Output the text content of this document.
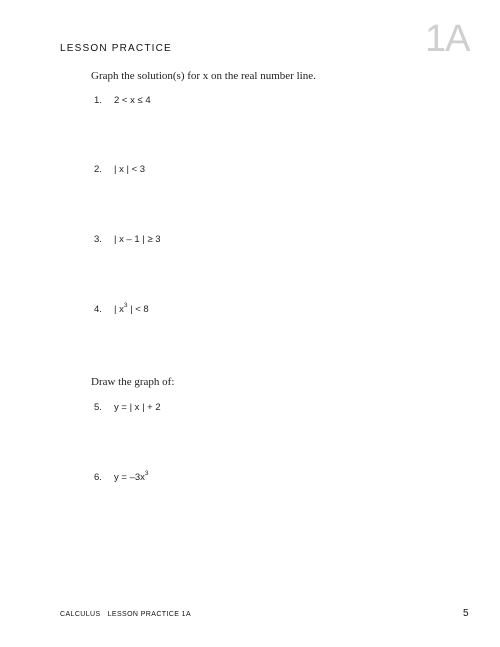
LESSON PRACTICE	1A
Graph the solution(s) for x on the real number line.
1. 2 < x ≤ 4
2. | x | < 3
3. | x – 1 | ≥ 3
4. | $x^3$ | < 8
Draw the graph of:
5. y = | x | + 2
6. $y = -3x^3$
CALCULUS   LESSON PRACTICE 1A	5
